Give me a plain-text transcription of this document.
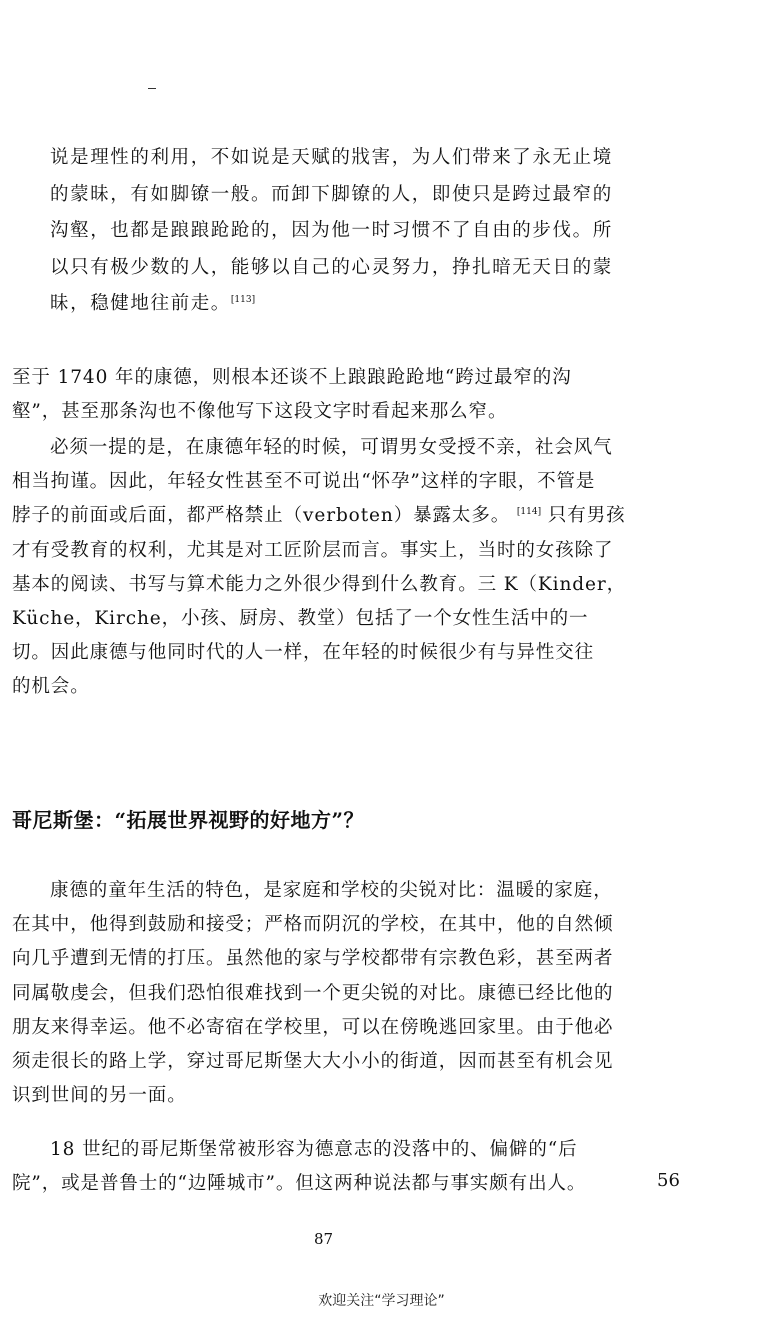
说是理性的利用，不如说是天赋的戕害，为人们带来了永无止境
的蒙昧，有如脚镣一般。而卸下脚镣的人，即使只是跨过最窄的
沟壑，也都是踉踉跄跄的，因为他一时习惯不了自由的步伐。所
以只有极少数的人，能够以自己的心灵努力，挣扎暗无天日的蒙
昧，稳健地往前走。[113]

至于 1740 年的康德，则根本还谈不上踉踉跄跄地“跨过最窄的沟
壑”，甚至那条沟也不像他写下这段文字时看起来那么窄。

必须一提的是，在康德年轻的时候，可谓男女受授不亲，社会风气
相当拘谨。因此，年轻女性甚至不可说出“怀孕”这样的字眼，不管是
脖子的前面或后面，都严格禁止（verboten）暴露太多。 [114] 只有男孩
才有受教育的权利，尤其是对工匠阶层而言。事实上，当时的女孩除了
基本的阅读、书写与算术能力之外很少得到什么教育。三 K（Kinder，
Küche，Kirche，小孩、厨房、教堂）包括了一个女性生活中的一
切。因此康德与他同时代的人一样，在年轻的时候很少有与异性交往
的机会。

哥尼斯堡：“拓展世界视野的好地方”？

康德的童年生活的特色，是家庭和学校的尖锐对比：温暖的家庭，
在其中，他得到鼓励和接受；严格而阴沉的学校，在其中，他的自然倾
向几乎遭到无情的打压。虽然他的家与学校都带有宗教色彩，甚至两者
同属敬虔会，但我们恐怕很难找到一个更尖锐的对比。康德已经比他的
朋友来得幸运。他不必寄宿在学校里，可以在傍晚逃回家里。由于他必
须走很长的路上学，穿过哥尼斯堡大大小小的街道，因而甚至有机会见
识到世间的另一面。

18 世纪的哥尼斯堡常被形容为德意志的没落中的、偏僻的“后
院”，或是普鲁士的“边陲城市”。但这两种说法都与事实颇有出人。	56
87
欢迎关注“学习理论”
